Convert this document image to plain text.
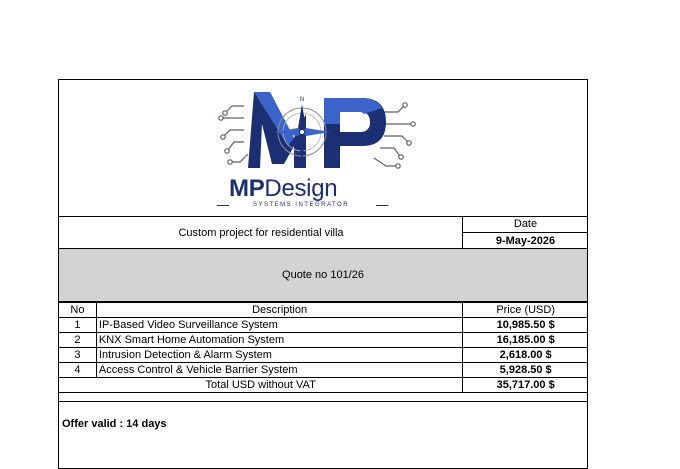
N
E
S
W
MPDesign
SYSTEMS INTEGRATOR
Custom project for residential villa
Date
9-May-2026
Quote no 101/26
No	Description	Price (USD)
1	IP-Based Video Surveillance System	10,985.50 $
2	KNX Smart Home Automation System	16,185.00 $
3	Intrusion Detection & Alarm System	2,618.00 $
4	Access Control & Vehicle Barrier System	5,928.50 $
Total USD without VAT		35,717.00 $
Offer valid : 14 days
